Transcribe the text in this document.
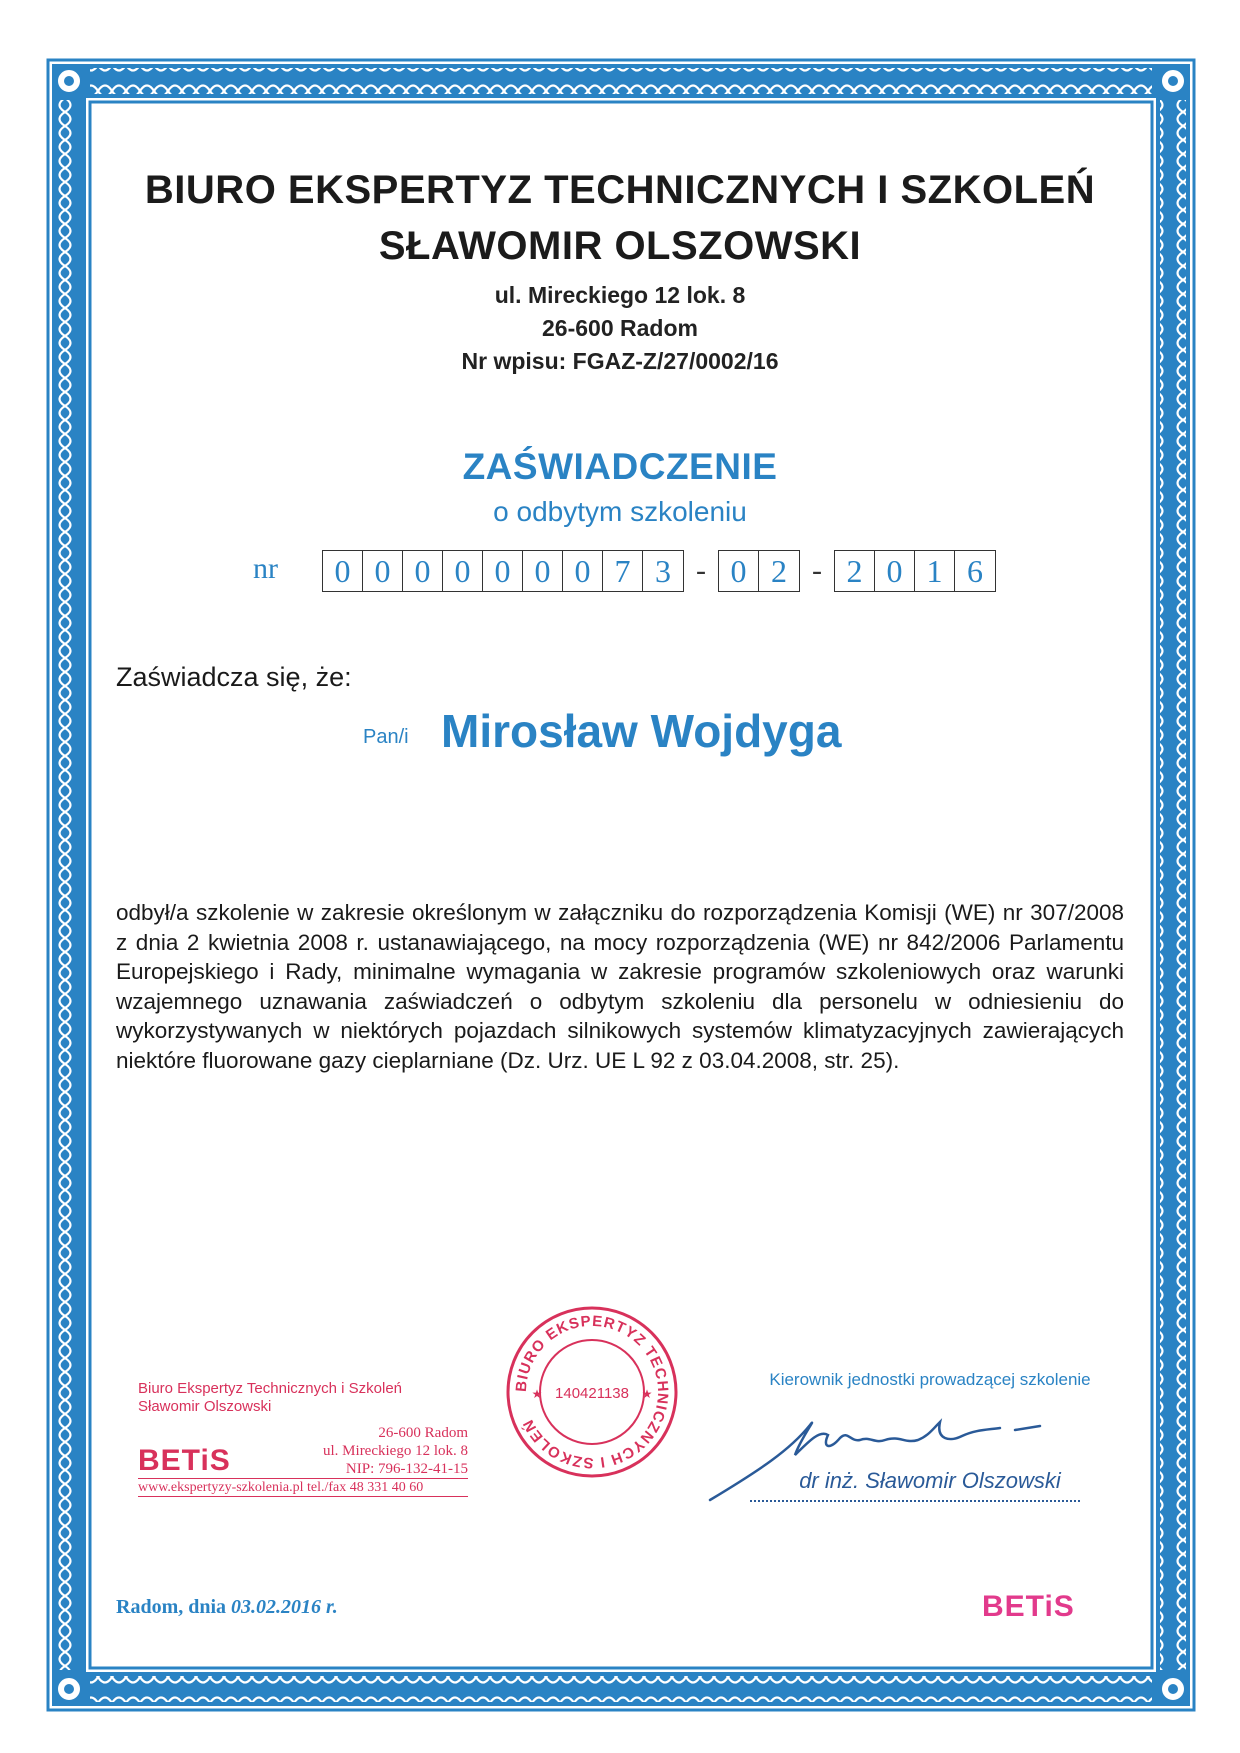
BIURO EKSPERTYZ TECHNICZNYCH I SZKOLEŃ
SŁAWOMIR OLSZOWSKI
ul. Mireckiego 12 lok. 8
26-600 Radom
Nr wpisu: FGAZ-Z/27/0002/16
ZAŚWIADCZENIE
o odbytym szkoleniu
nr	0 0 0 0 0 0 0 7 3 - 0 2 - 2 0 1 6
Zaświadcza się, że:
Pan/i Mirosław Wojdyga
odbył/a szkolenie w zakresie określonym w załączniku do rozporządzenia Komisji (WE) nr 307/2008 z dnia 2 kwietnia 2008 r. ustanawiającego, na mocy rozporządzenia (WE) nr 842/2006 Parlamentu Europejskiego i Rady, minimalne wymagania w zakresie programów szkoleniowych oraz warunki wzajemnego uznawania zaświadczeń o odbytym szkoleniu dla personelu w odniesieniu do wykorzystywanych w niektórych pojazdach silnikowych systemów klimatyzacyjnych zawierających niektóre fluorowane gazy cieplarniane (Dz. Urz. UE L 92 z 03.04.2008, str. 25).
Biuro Ekspertyz Technicznych i Szkoleń
Sławomir Olszowski
BETiS
26-600 Radom
ul. Mireckiego 12 lok. 8
NIP: 796-132-41-15
www.ekspertyzy-szkolenia.pl tel./fax 48 331 40 60
BIURO EKSPERTYZ TECHNICZNYCH I SZKOLEŃ
140421138
★	★
Kierownik jednostki prowadzącej szkolenie
dr inż. Sławomir Olszowski
Radom, dnia 03.02.2016 r.	BETiS
